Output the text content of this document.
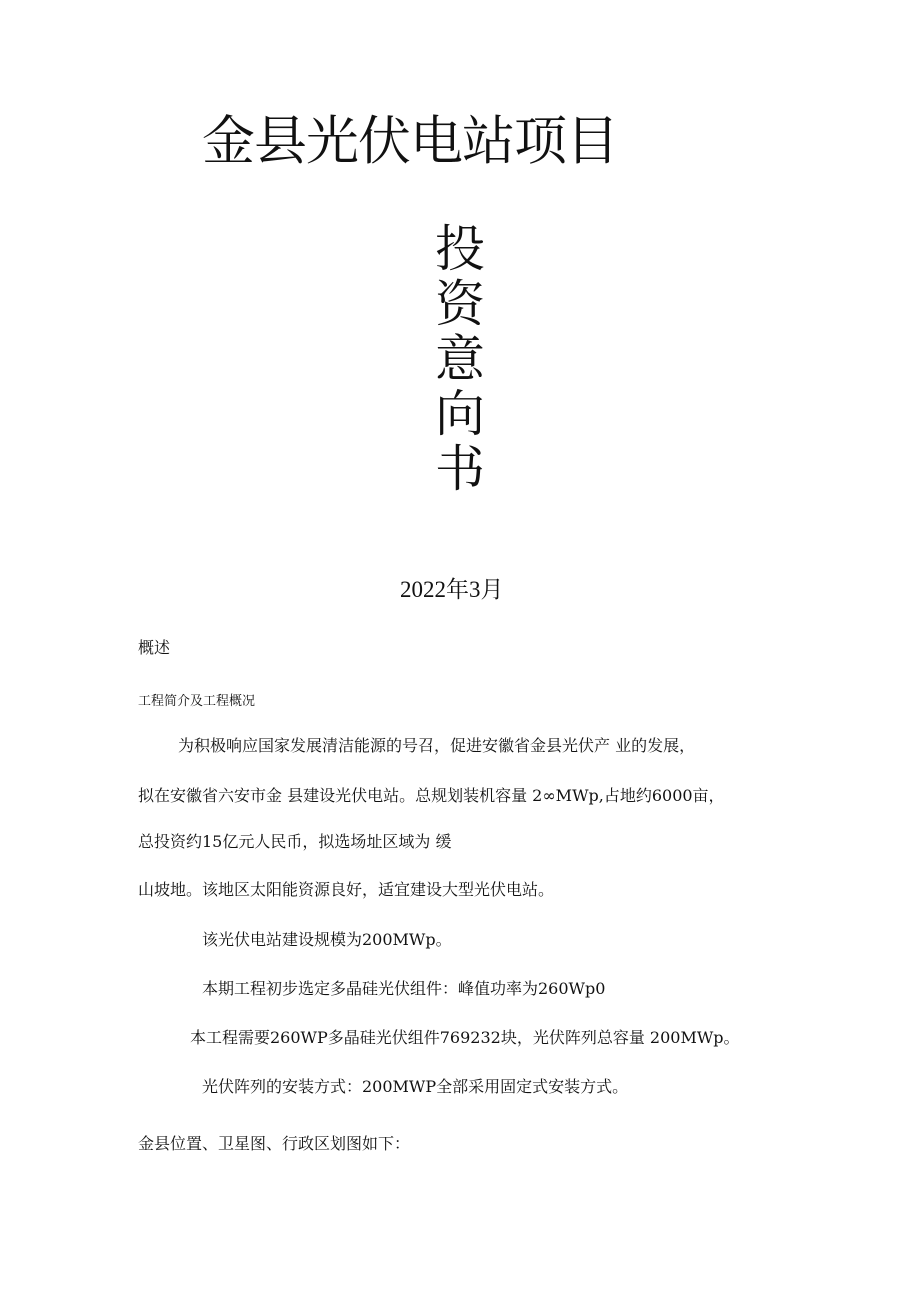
金县光伏电站项目
投
资
意
向
书
2022年3月
概述
工程简介及工程概况
为积极响应国家发展清洁能源的号召，促进安徽省金县光伏产 业的发展，
拟在安徽省六安市金 县建设光伏电站。总规划装机容量 2∞MWp,占地约6000亩，
总投资约15亿元人民币，拟选场址区域为 缓
山坡地。该地区太阳能资源良好，适宜建设大型光伏电站。
该光伏电站建设规模为200MWp。
本期工程初步选定多晶硅光伏组件：峰值功率为260Wp0
本工程需要260WP多晶硅光伏组件769232块，光伏阵列总容量 200MWp。
光伏阵列的安装方式：200MWP全部采用固定式安装方式。
金县位置、卫星图、行政区划图如下：
